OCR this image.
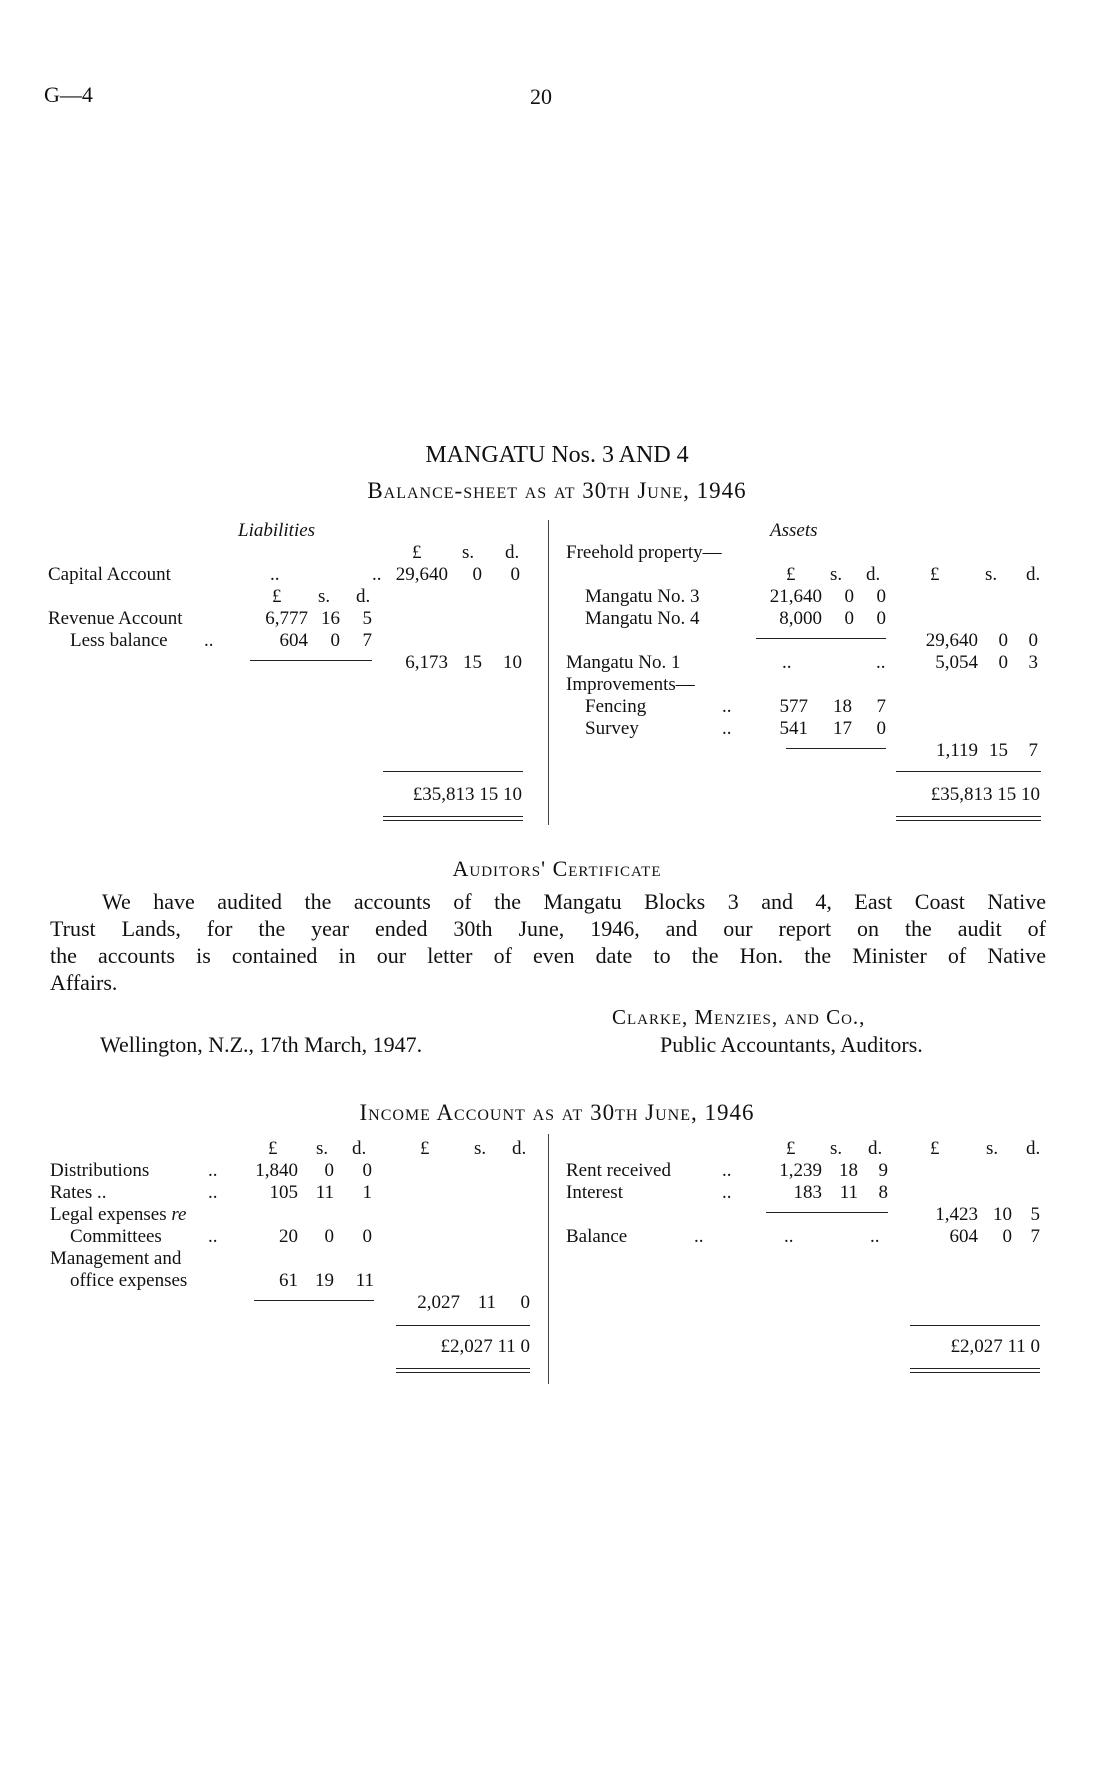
G—4	20
MANGATU Nos. 3 AND 4
Balance-sheet as at 30th June, 1946
Liabilities
£ s. d.
Capital Account	..	.. 29,640	0	0
£ s. d.
Revenue Account	6,777 16	5
Less balance ..	604	0	7
6,173 15 10
£35,813 15 10
Assets
Freehold property—
£ s. d.	£ s. d.
Mangatu No. 3	21,640	0	0
Mangatu No. 4	8,000	0	0
29,640	0	0
Mangatu No. 1	..	..	5,054	0	3
Improvements—
Fencing	..	577	18	7
Survey	..	541	17	0
1,119 15	7
£35,813 15 10
Auditors' Certificate
We have audited the accounts of the Mangatu Blocks 3 and 4, East Coast Native
Trust Lands, for the year ended 30th June, 1946, and our report on the audit of
the accounts is contained in our letter of even date to the Hon. the Minister of Native
Affairs.
Clarke, Menzies, and Co.,
Wellington, N.Z., 17th March, 1947.	Public Accountants, Auditors.
Income Account as at 30th June, 1946
£ s. d.	£ s. d.
Distributions	..	1,840	0	0
Rates ..	..	105 11	1
Legal expenses re
Committees ..	20	0	0
Management and
office expenses	61 19	11
2,027 11	0
£2,027 11 0
£ s. d.	£ s. d.
Rent received	..	1,239 18	9
Interest	..	183 11	8
1,423 10 5
Balance	..	..	..	604	0 7
£2,027 11 0
